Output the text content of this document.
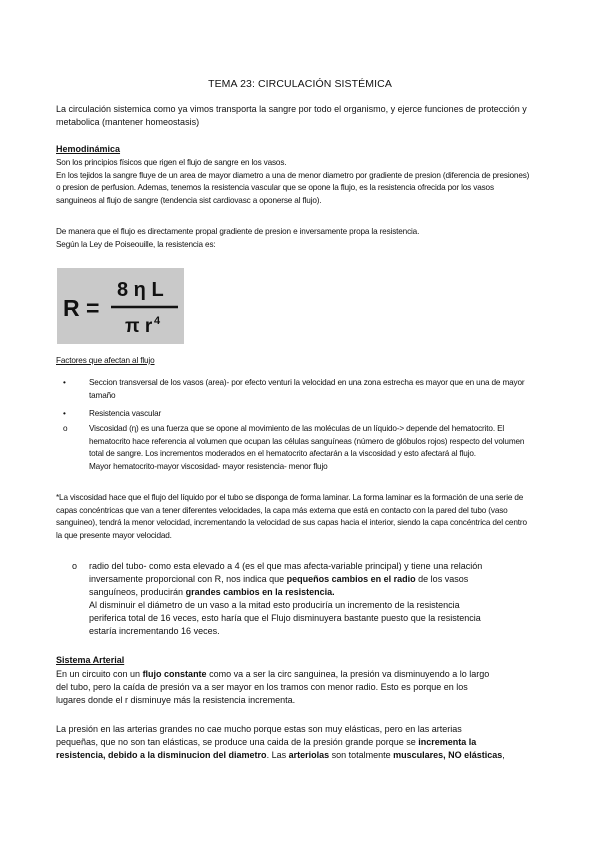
TEMA 23: CIRCULACIÓN SISTÉMICA

La circulación sistemica como ya vimos transporta la sangre por todo el organismo, y ejerce funciones de protección y metabolica (mantener homeostasis)

Hemodinámica
Son los principios físicos que rigen el flujo de sangre en los vasos.
En los tejidos la sangre fluye de un area de mayor diametro a una de menor diametro por gradiente de presion (diferencia de presiones)
o presion de perfusion. Ademas, tenemos la resistencia vascular que se opone la flujo, es la resistencia ofrecida por los vasos
sanguineos al flujo de sangre (tendencia sist cardiovasc a oponerse al flujo).
De manera que el flujo es directamente propal gradiente de presion e inversamente propa la resistencia.
Según la Ley de Poiseouille, la resistencia es:
R =
8 η L
π r 4
Factores que afectan al flujo
•	Seccion transversal de los vasos (area)- por efecto venturi la velocidad en una zona estrecha es mayor que en una de mayor
tamaño
•	Resistencia vascular
o	Viscosidad (η) es una fuerza que se opone al movimiento de las moléculas de un líquido-> depende del hematocrito. El
hematocrito hace referencia al volumen que ocupan las células sanguíneas (número de glóbulos rojos) respecto del volumen
total de sangre. Los incrementos moderados en el hematocrito afectarán a la viscosidad y esto afectará al flujo.
Mayor hematocrito-mayor viscosidad- mayor resistencia- menor flujo
*La viscosidad hace que el flujo del líquido por el tubo se disponga de forma laminar. La forma laminar es la formación de una serie de
capas concéntricas que van a tener diferentes velocidades, la capa más externa que está en contacto con la pared del tubo (vaso
sanguineo), tendrá la menor velocidad, incrementando la velocidad de sus capas hacia el interior, siendo la capa concéntrica del centro
la que presente mayor velocidad.
o radio del tubo- como esta elevado a 4 (es el que mas afecta-variable principal) y tiene una relación
inversamente proporcional con R, nos indica que pequeños cambios en el radio de los vasos
sanguíneos, producirán grandes cambios en la resistencia.
Al disminuir el diámetro de un vaso a la mitad esto produciría un incremento de la resistencia
periferica total de 16 veces, esto haría que el Flujo disminuyera bastante puesto que la resistencia
estaría incrementando 16 veces.
Sistema Arterial
En un circuito con un flujo constante como va a ser la circ sanguinea, la presión va disminuyendo a lo largo
del tubo, pero la caída de presión va a ser mayor en los tramos con menor radio. Esto es porque en los
lugares donde el r disminuye más la resistencia incrementa.
La presión en las arterias grandes no cae mucho porque estas son muy elásticas, pero en las arterias
pequeñas, que no son tan elásticas, se produce una caida de la presión grande porque se incrementa la
resistencia, debido a la disminucion del diametro. Las arteriolas son totalmente musculares, NO elásticas,
